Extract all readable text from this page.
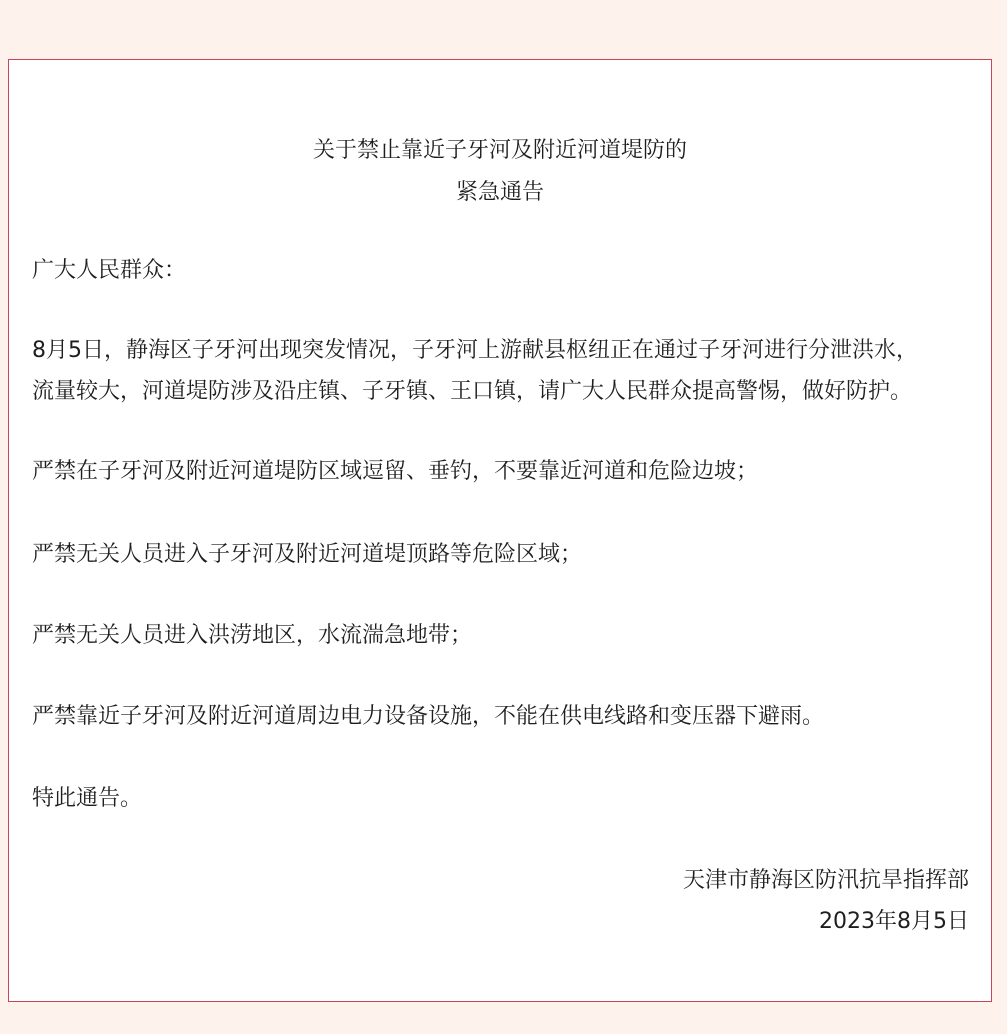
关于禁止靠近子牙河及附近河道堤防的
紧急通告

广大人民群众：

8月5日，静海区子牙河出现突发情况，子牙河上游献县枢纽正在通过子牙河进行分泄洪水，

流量较大，河道堤防涉及沿庄镇、子牙镇、王口镇，请广大人民群众提高警惕，做好防护。

严禁在子牙河及附近河道堤防区域逗留、垂钓，不要靠近河道和危险边坡；

严禁无关人员进入子牙河及附近河道堤顶路等危险区域；

严禁无关人员进入洪涝地区，水流湍急地带；

严禁靠近子牙河及附近河道周边电力设备设施，不能在供电线路和变压器下避雨。

特此通告。

天津市静海区防汛抗旱指挥部
2023年8月5日
